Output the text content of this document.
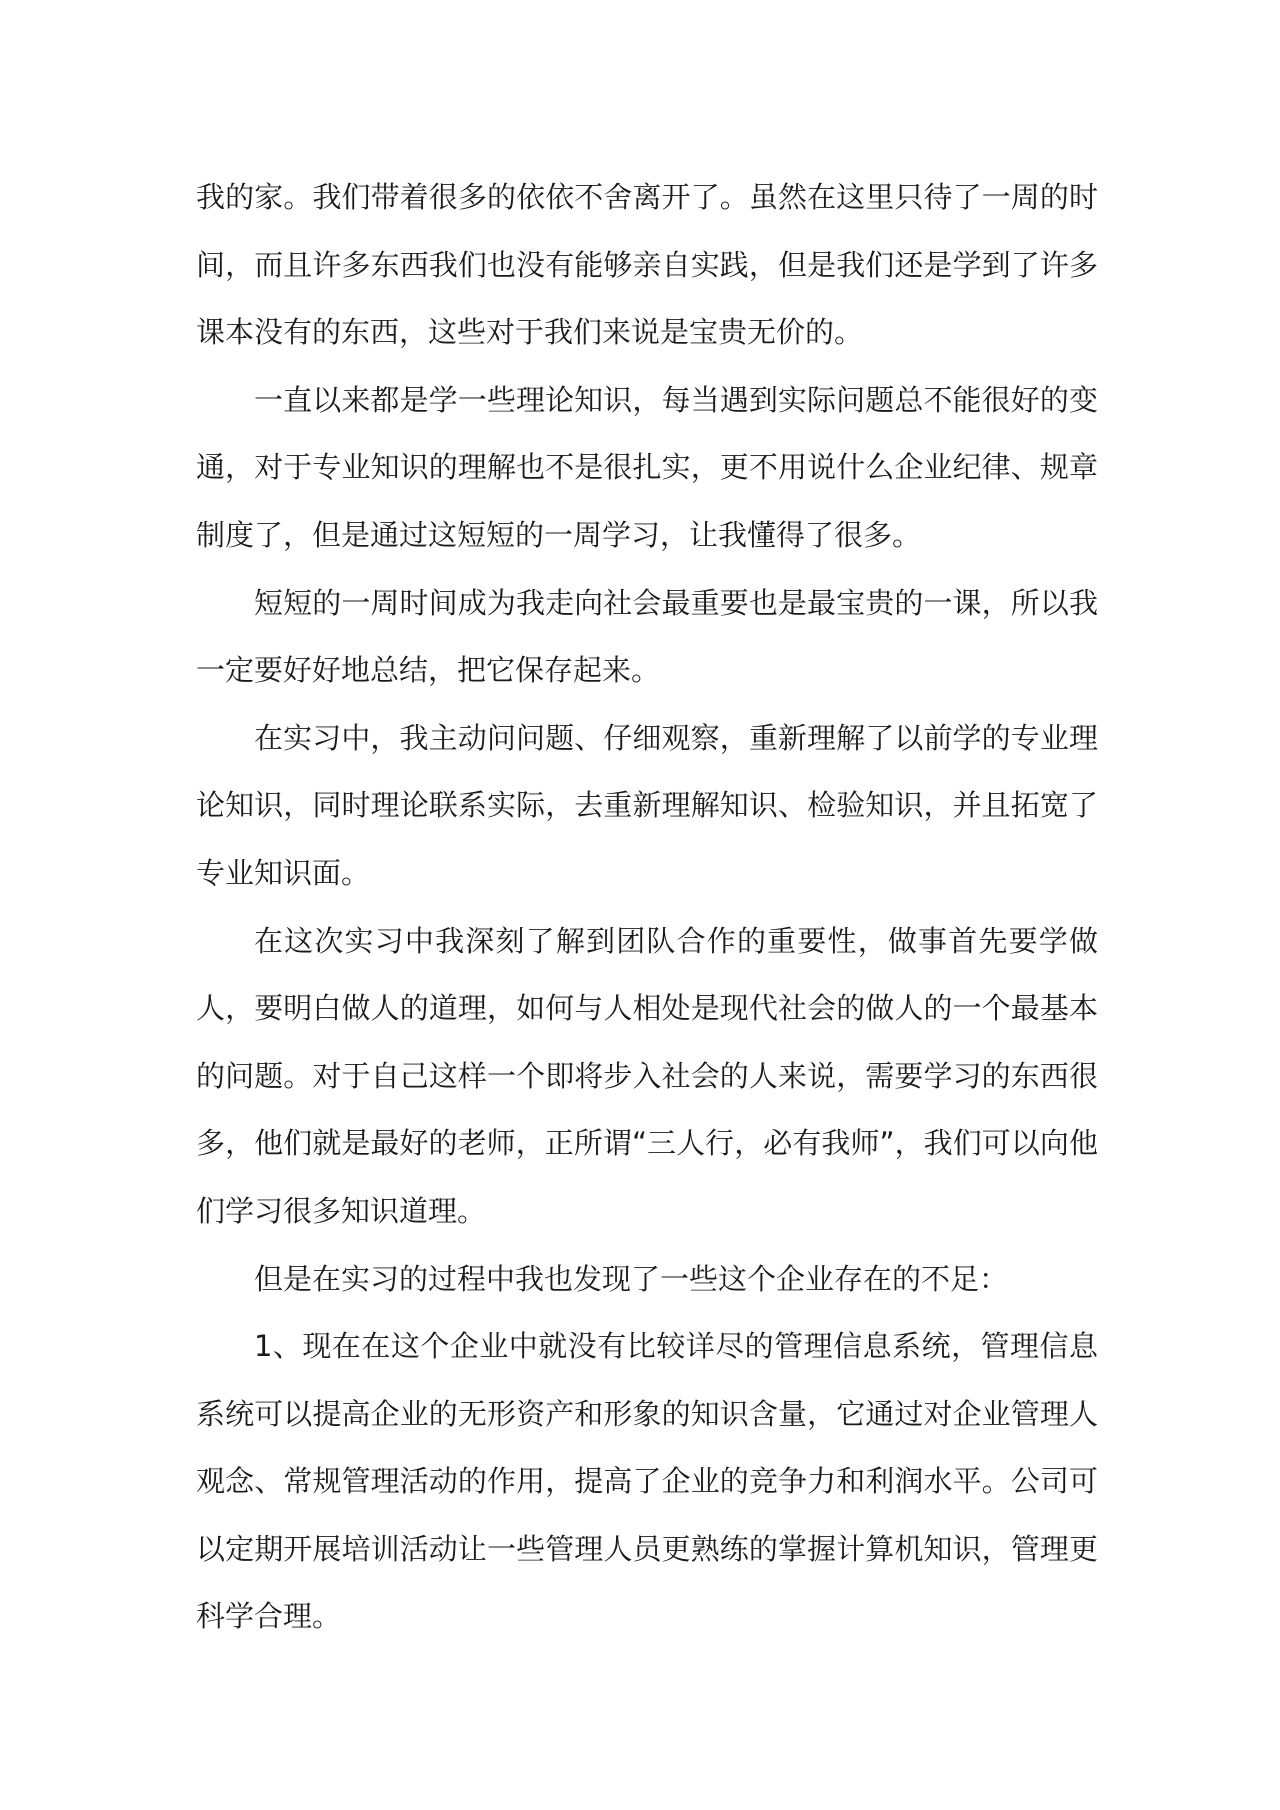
我的家。我们带着很多的依依不舍离开了。虽然在这里只待了一周的时间，而且许多东西我们也没有能够亲自实践，但是我们还是学到了许多课本没有的东西，这些对于我们来说是宝贵无价的。

一直以来都是学一些理论知识，每当遇到实际问题总不能很好的变通，对于专业知识的理解也不是很扎实，更不用说什么企业纪律、规章制度了，但是通过这短短的一周学习，让我懂得了很多。

短短的一周时间成为我走向社会最重要也是最宝贵的一课，所以我一定要好好地总结，把它保存起来。

在实习中，我主动问问题、仔细观察，重新理解了以前学的专业理论知识，同时理论联系实际，去重新理解知识、检验知识，并且拓宽了专业知识面。

在这次实习中我深刻了解到团队合作的重要性，做事首先要学做人，要明白做人的道理，如何与人相处是现代社会的做人的一个最基本的问题。对于自己这样一个即将步入社会的人来说，需要学习的东西很多，他们就是最好的老师，正所谓“三人行，必有我师”，我们可以向他们学习很多知识道理。

但是在实习的过程中我也发现了一些这个企业存在的不足：

1、现在在这个企业中就没有比较详尽的管理信息系统，管理信息系统可以提高企业的无形资产和形象的知识含量，它通过对企业管理人观念、常规管理活动的作用，提高了企业的竞争力和利润水平。公司可以定期开展培训活动让一些管理人员更熟练的掌握计算机知识，管理更科学合理。
